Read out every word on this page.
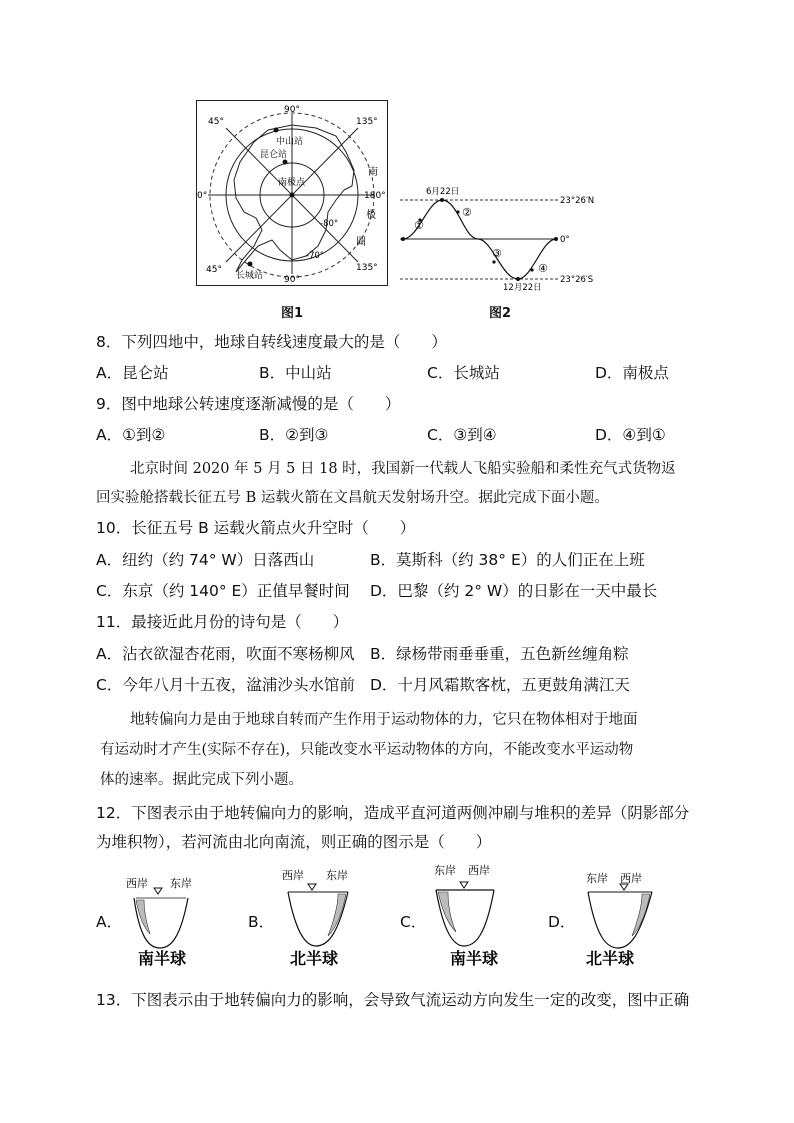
90°
45°	135°
0°	180°
45°
90°
135°
-80°
-70°
中山站
昆仑站
南极点
长城站
南
极
圈
图1
6月22日
12月22日
23°26′N
0°
23°26′S
①
②
③
④
图2
8．下列四地中，地球自转线速度最大的是（　　）
A．昆仑站	B．中山站	C．长城站	D．南极点
9．图中地球公转速度逐渐减慢的是（　　）
A．①到②	B．②到③	C．③到④	D．④到①
北京时间 2020 年 5 月 5 日 18 时，我国新一代载人飞船实验船和柔性充气式货物返
回实验舱搭载长征五号 B 运载火箭在文昌航天发射场升空。据此完成下面小题。
10．长征五号 B 运载火箭点火升空时（　　）
A．纽约（约 74° W）日落西山	B．莫斯科（约 38° E）的人们正在上班
C．东京（约 140° E）正值早餐时间 D．巴黎（约 2° W）的日影在一天中最长
11．最接近此月份的诗句是（　　）
A．沾衣欲湿杏花雨，吹面不寒杨柳风 B．绿杨带雨垂垂重，五色新丝缠角粽
C．今年八月十五夜，湓浦沙头水馆前 D．十月风霜欺客枕，五更鼓角满江天
地转偏向力是由于地球自转而产生作用于运动物体的力，它只在物体相对于地面
有运动时才产生(实际不存在)，只能改变水平运动物体的方向，不能改变水平运动物
体的速率。据此完成下列小题。
12．下图表示由于地转偏向力的影响，造成平直河道两侧冲刷与堆积的差异（阴影部分
为堆积物），若河流由北向南流，则正确的图示是（　　）
A．
西岸 东岸
南半球
B．
西岸 东岸
北半球
C．
东岸 西岸
南半球
D．
东岸 西岸
北半球
13．下图表示由于地转偏向力的影响，会导致气流运动方向发生一定的改变，图中正确
